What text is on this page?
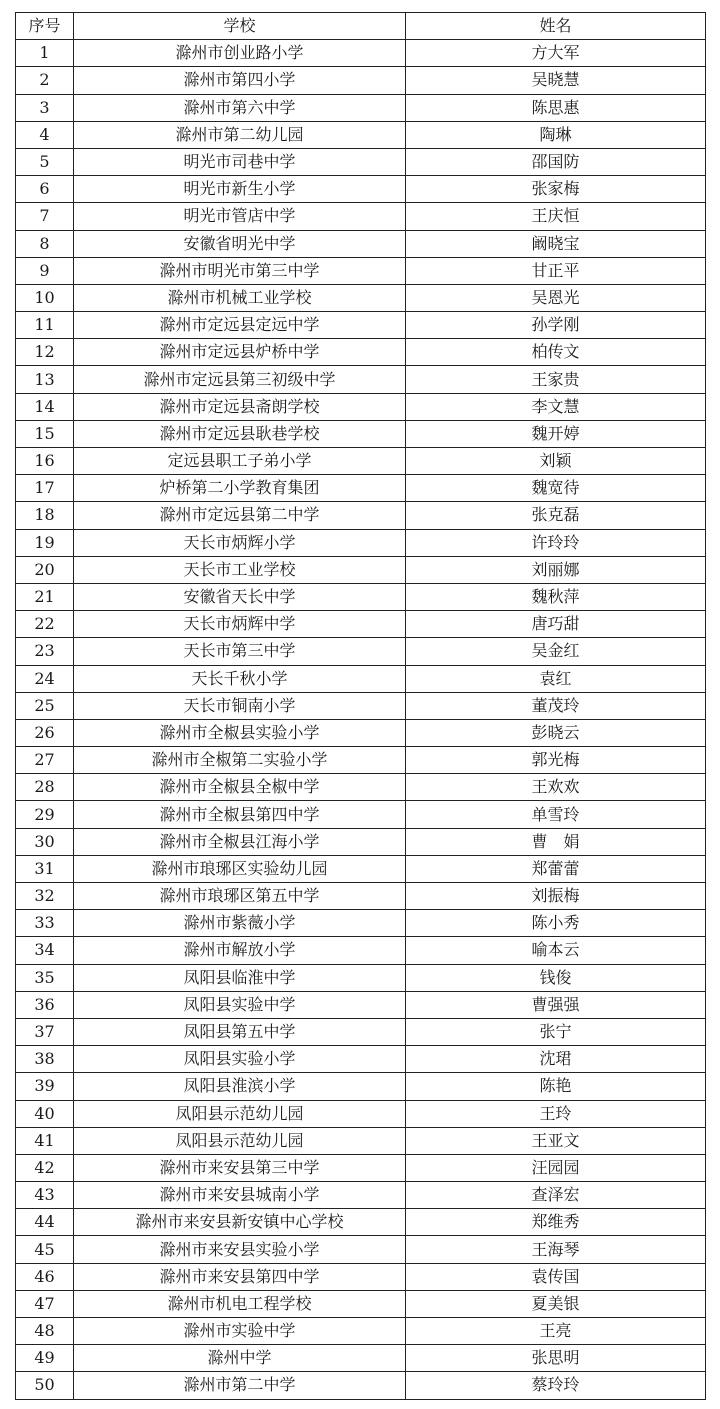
序号	学校	姓名
1	滁州市创业路小学	方大军
2	滁州市第四小学	吴晓慧
3	滁州市第六中学	陈思惠
4	滁州市第二幼儿园	陶琳
5	明光市司巷中学	邵国防
6	明光市新生小学	张家梅
7	明光市管店中学	王庆恒
8	安徽省明光中学	阚晓宝
9	滁州市明光市第三中学	甘正平
10	滁州市机械工业学校	吴恩光
11	滁州市定远县定远中学	孙学刚
12	滁州市定远县炉桥中学	柏传文
13	滁州市定远县第三初级中学	王家贵
14	滁州市定远县斋朗学校	李文慧
15	滁州市定远县耿巷学校	魏开婷
16	定远县职工子弟小学	刘颖
17	炉桥第二小学教育集团	魏宽待
18	滁州市定远县第二中学	张克磊
19	天长市炳辉小学	许玲玲
20	天长市工业学校	刘丽娜
21	安徽省天长中学	魏秋萍
22	天长市炳辉中学	唐巧甜
23	天长市第三中学	吴金红
24	天长千秋小学	袁红
25	天长市铜南小学	董茂玲
26	滁州市全椒县实验小学	彭晓云
27	滁州市全椒第二实验小学	郭光梅
28	滁州市全椒县全椒中学	王欢欢
29	滁州市全椒县第四中学	单雪玲
30	滁州市全椒县江海小学	曹　娟
31	滁州市琅琊区实验幼儿园	郑蕾蕾
32	滁州市琅琊区第五中学	刘振梅
33	滁州市紫薇小学	陈小秀
34	滁州市解放小学	喻本云
35	凤阳县临淮中学	钱俊
36	凤阳县实验中学	曹强强
37	凤阳县第五中学	张宁
38	凤阳县实验小学	沈珺
39	凤阳县淮滨小学	陈艳
40	凤阳县示范幼儿园	王玲
41	凤阳县示范幼儿园	王亚文
42	滁州市来安县第三中学	汪园园
43	滁州市来安县城南小学	查泽宏
44	滁州市来安县新安镇中心学校	郑维秀
45	滁州市来安县实验小学	王海琴
46	滁州市来安县第四中学	袁传国
47	滁州市机电工程学校	夏美银
48	滁州市实验中学	王亮
49	滁州中学	张思明
50	滁州市第二中学	蔡玲玲
